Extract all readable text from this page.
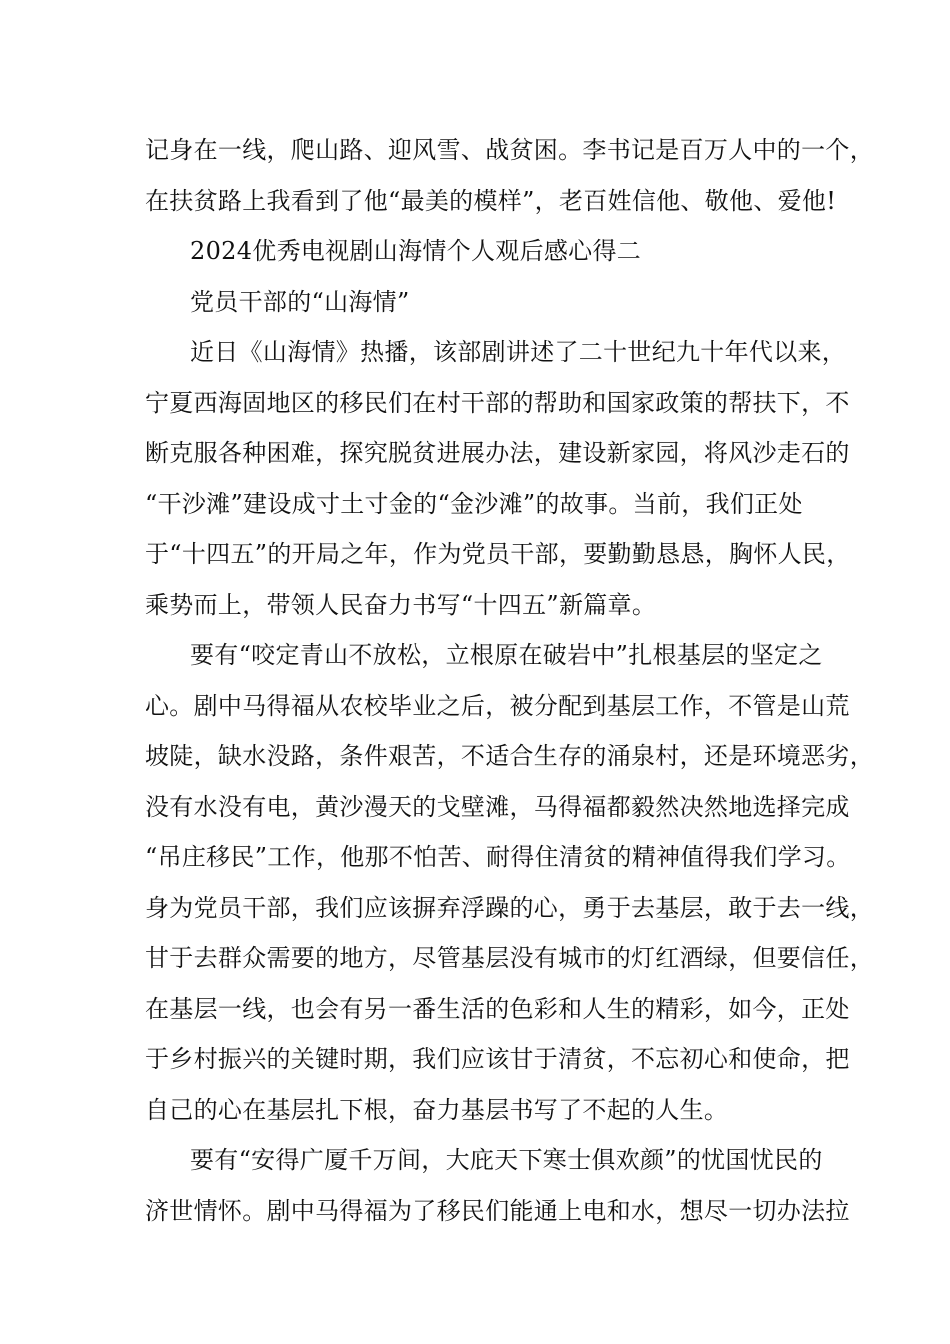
记身在一线，爬山路、迎风雪、战贫困。李书记是百万人中的一个，
在扶贫路上我看到了他“最美的模样”，老百姓信他、敬他、爱他!
2024优秀电视剧山海情个人观后感心得二
党员干部的“山海情”
近日《山海情》热播，该部剧讲述了二十世纪九十年代以来，
宁夏西海固地区的移民们在村干部的帮助和国家政策的帮扶下，不
断克服各种困难，探究脱贫进展办法，建设新家园，将风沙走石的
“干沙滩”建设成寸土寸金的“金沙滩”的故事。当前，我们正处
于“十四五”的开局之年，作为党员干部，要勤勤恳恳，胸怀人民，
乘势而上，带领人民奋力书写“十四五”新篇章。
要有“咬定青山不放松，立根原在破岩中”扎根基层的坚定之
心。剧中马得福从农校毕业之后，被分配到基层工作，不管是山荒
坡陡，缺水没路，条件艰苦，不适合生存的涌泉村，还是环境恶劣，
没有水没有电，黄沙漫天的戈壁滩，马得福都毅然决然地选择完成
“吊庄移民”工作，他那不怕苦、耐得住清贫的精神值得我们学习。
身为党员干部，我们应该摒弃浮躁的心，勇于去基层，敢于去一线，
甘于去群众需要的地方，尽管基层没有城市的灯红酒绿，但要信任，
在基层一线，也会有另一番生活的色彩和人生的精彩，如今，正处
于乡村振兴的关键时期，我们应该甘于清贫，不忘初心和使命，把
自己的心在基层扎下根，奋力基层书写了不起的人生。
要有“安得广厦千万间，大庇天下寒士俱欢颜”的忧国忧民的
济世情怀。剧中马得福为了移民们能通上电和水，想尽一切办法拉
